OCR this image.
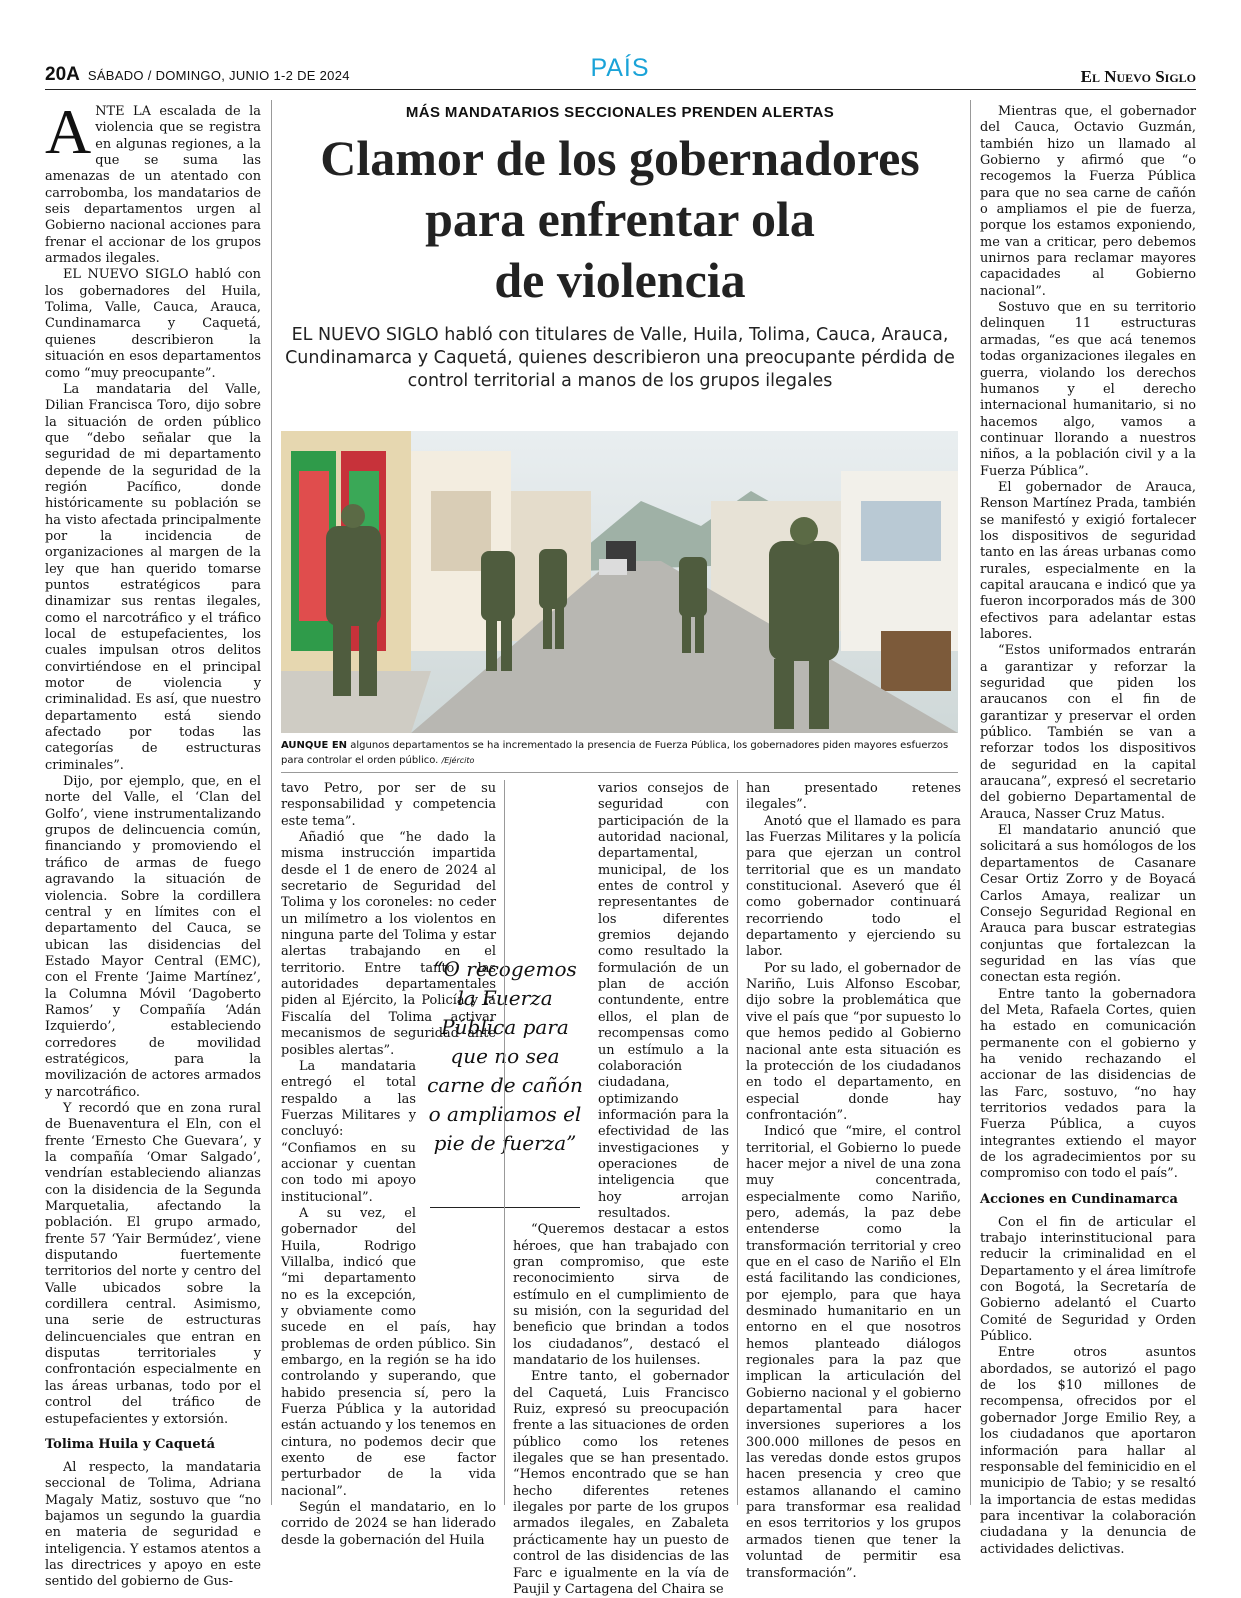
20A SÁBADO / DOMINGO, JUNIO 1-2 DE 2024	PAÍS	El Nuevo Siglo

ANTE LA escalada de la violencia que se registra en algunas regiones, a la que se suma las amenazas de un atentado con carrobomba, los mandatarios de seis departamentos urgen al Gobierno nacional acciones para frenar el accionar de los grupos armados ilegales.

EL NUEVO SIGLO habló con los gobernadores del Huila, Tolima, Valle, Cauca, Arauca, Cundinamarca y Caquetá, quienes describieron la situación en esos departamentos como “muy preocupante”.

La mandataria del Valle, Dilian Francisca Toro, dijo sobre la situación de orden público que “debo señalar que la seguridad de mi departamento depende de la seguridad de la región Pacífico, donde históricamente su población se ha visto afectada principalmente por la incidencia de organizaciones al margen de la ley que han querido tomarse puntos estratégicos para dinamizar sus rentas ilegales, como el narcotráfico y el tráfico local de estupefacientes, los cuales impulsan otros delitos convirtiéndose en el principal motor de violencia y criminalidad. Es así, que nuestro departamento está siendo afectado por todas las categorías de estructuras criminales”.

Dijo, por ejemplo, que, en el norte del Valle, el ‘Clan del Golfo’, viene instrumentalizando grupos de delincuencia común, financiando y promoviendo el tráfico de armas de fuego agravando la situación de violencia. Sobre la cordillera central y en límites con el departamento del Cauca, se ubican las disidencias del Estado Mayor Central (EMC), con el Frente ‘Jaime Martínez’, la Columna Móvil ‘Dagoberto Ramos’ y Compañía ‘Adán Izquierdo’, estableciendo corredores de movilidad estratégicos, para la movilización de actores armados y narcotráfico.

Y recordó que en zona rural de Buenaventura el Eln, con el frente ‘Ernesto Che Guevara’, y la compañía ‘Omar Salgado’, vendrían estableciendo alianzas con la disidencia de la Segunda Marquetalia, afectando la población. El grupo armado, frente 57 ‘Yair Bermúdez’, viene disputando fuertemente territorios del norte y centro del Valle ubicados sobre la cordillera central. Asimismo, una serie de estructuras delincuenciales que entran en disputas territoriales y confrontación especialmente en las áreas urbanas, todo por el control del tráfico de estupefacientes y extorsión.

Tolima Huila y Caquetá

Al respecto, la mandataria seccional de Tolima, Adriana Magaly Matiz, sostuvo que “no bajamos un segundo la guardia en materia de seguridad e inteligencia. Y estamos atentos a las directrices y apoyo en este sentido del gobierno de Gus-

MÁS MANDATARIOS SECCIONALES PRENDEN ALERTAS
Clamor de los gobernadores
para enfrentar ola
de violencia
EL NUEVO SIGLO habló con titulares de Valle, Huila, Tolima, Cauca, Arauca, Cundinamarca y Caquetá, quienes describieron una preocupante pérdida de control territorial a manos de los grupos ilegales
AUNQUE EN algunos departamentos se ha incrementado la presencia de Fuerza Pública, los gobernadores piden mayores esfuerzos para controlar el orden público. /Ejército

tavo Petro, por ser de su responsabilidad y competencia este tema”.

Añadió que “he dado la misma instrucción impartida desde el 1 de enero de 2024 al secretario de Seguridad del Tolima y los coroneles: no ceder un milímetro a los violentos en ninguna parte del Tolima y estar alertas trabajando en el territorio. Entre tanto, las autoridades departamentales piden al Ejército, la Policía y la Fiscalía del Tolima activar mecanismos de seguridad ante posibles alertas”.

La mandataria entregó el total respaldo a las Fuerzas Militares y concluyó: “Confiamos en su accionar y cuentan con todo mi apoyo institucional”.

A su vez, el gobernador del Huila, Rodrigo Villalba, indicó que “mi departamento no es la excepción, y obviamente como sucede en el país, hay problemas de orden público. Sin embargo, en la región se ha ido controlando y superando, que habido presencia sí, pero la Fuerza Pública y la autoridad están actuando y los tenemos en cintura, no podemos decir que exento de ese factor perturbador de la vida nacional”.

Según el mandatario, en lo corrido de 2024 se han liderado desde la gobernación del Huila

varios consejos de seguridad con participación de la autoridad nacional, departamental, municipal, de los entes de control y representantes de los diferentes gremios dejando como resultado la formulación de un plan de acción contundente, entre ellos, el plan de recompensas como un estímulo a la colaboración ciudadana, optimizando información para la efectividad de las investigaciones y operaciones de inteligencia que hoy arrojan resultados.

“Queremos destacar a estos héroes, que han trabajado con gran compromiso, que este reconocimiento sirva de estímulo en el cumplimiento de su misión, con la seguridad del beneficio que brindan a todos los ciudadanos”, destacó el mandatario de los huilenses.

Entre tanto, el gobernador del Caquetá, Luis Francisco Ruiz, expresó su preocupación frente a las situaciones de orden público como los retenes ilegales que se han presentado. “Hemos encontrado que se han hecho diferentes retenes ilegales por parte de los grupos armados ilegales, en Zabaleta prácticamente hay un puesto de control de las disidencias de las Farc e igualmente en la vía de Paujil y Cartagena del Chaira se

“O recogemos la Fuerza Pública para que no sea carne de cañón o ampliamos el pie de fuerza”

han presentado retenes ilegales”.

Anotó que el llamado es para las Fuerzas Militares y la policía para que ejerzan un control territorial que es un mandato constitucional. Aseveró que él como gobernador continuará recorriendo todo el departamento y ejerciendo su labor.

Por su lado, el gobernador de Nariño, Luis Alfonso Escobar, dijo sobre la problemática que vive el país que “por supuesto lo que hemos pedido al Gobierno nacional ante esta situación es la protección de los ciudadanos en todo el departamento, en especial donde hay confrontación”.

Indicó que “mire, el control territorial, el Gobierno lo puede hacer mejor a nivel de una zona muy concentrada, especialmente como Nariño, pero, además, la paz debe entenderse como la transformación territorial y creo que en el caso de Nariño el Eln está facilitando las condiciones, por ejemplo, para que haya desminado humanitario en un entorno en el que nosotros hemos planteado diálogos regionales para la paz que implican la articulación del Gobierno nacional y el gobierno departamental para hacer inversiones superiores a los 300.000 millones de pesos en las veredas donde estos grupos hacen presencia y creo que estamos allanando el camino para transformar esa realidad en esos territorios y los grupos armados tienen que tener la voluntad de permitir esa transformación”.

Mientras que, el gobernador del Cauca, Octavio Guzmán, también hizo un llamado al Gobierno y afirmó que “o recogemos la Fuerza Pública para que no sea carne de cañón o ampliamos el pie de fuerza, porque los estamos exponiendo, me van a criticar, pero debemos unirnos para reclamar mayores capacidades al Gobierno nacional”.

Sostuvo que en su territorio delinquen 11 estructuras armadas, “es que acá tenemos todas organizaciones ilegales en guerra, violando los derechos humanos y el derecho internacional humanitario, si no hacemos algo, vamos a continuar llorando a nuestros niños, a la población civil y a la Fuerza Pública”.

El gobernador de Arauca, Renson Martínez Prada, también se manifestó y exigió fortalecer los dispositivos de seguridad tanto en las áreas urbanas como rurales, especialmente en la capital araucana e indicó que ya fueron incorporados más de 300 efectivos para adelantar estas labores.

“Estos uniformados entrarán a garantizar y reforzar la seguridad que piden los araucanos con el fin de garantizar y preservar el orden público. También se van a reforzar todos los dispositivos de seguridad en la capital araucana”, expresó el secretario del gobierno Departamental de Arauca, Nasser Cruz Matus.

El mandatario anunció que solicitará a sus homólogos de los departamentos de Casanare Cesar Ortiz Zorro y de Boyacá Carlos Amaya, realizar un Consejo Seguridad Regional en Arauca para buscar estrategias conjuntas que fortalezcan la seguridad en las vías que conectan esta región.

Entre tanto la gobernadora del Meta, Rafaela Cortes, quien ha estado en comunicación permanente con el gobierno y ha venido rechazando el accionar de las disidencias de las Farc, sostuvo, “no hay territorios vedados para la Fuerza Pública, a cuyos integrantes extiendo el mayor de los agradecimientos por su compromiso con todo el país”.

Acciones en Cundinamarca

Con el fin de articular el trabajo interinstitucional para reducir la criminalidad en el Departamento y el área limítrofe con Bogotá, la Secretaría de Gobierno adelantó el Cuarto Comité de Seguridad y Orden Público.

Entre otros asuntos abordados, se autorizó el pago de los $10 millones de recompensa, ofrecidos por el gobernador Jorge Emilio Rey, a los ciudadanos que aportaron información para hallar al responsable del feminicidio en el municipio de Tabio; y se resaltó la importancia de estas medidas para incentivar la colaboración ciudadana y la denuncia de actividades delictivas.
